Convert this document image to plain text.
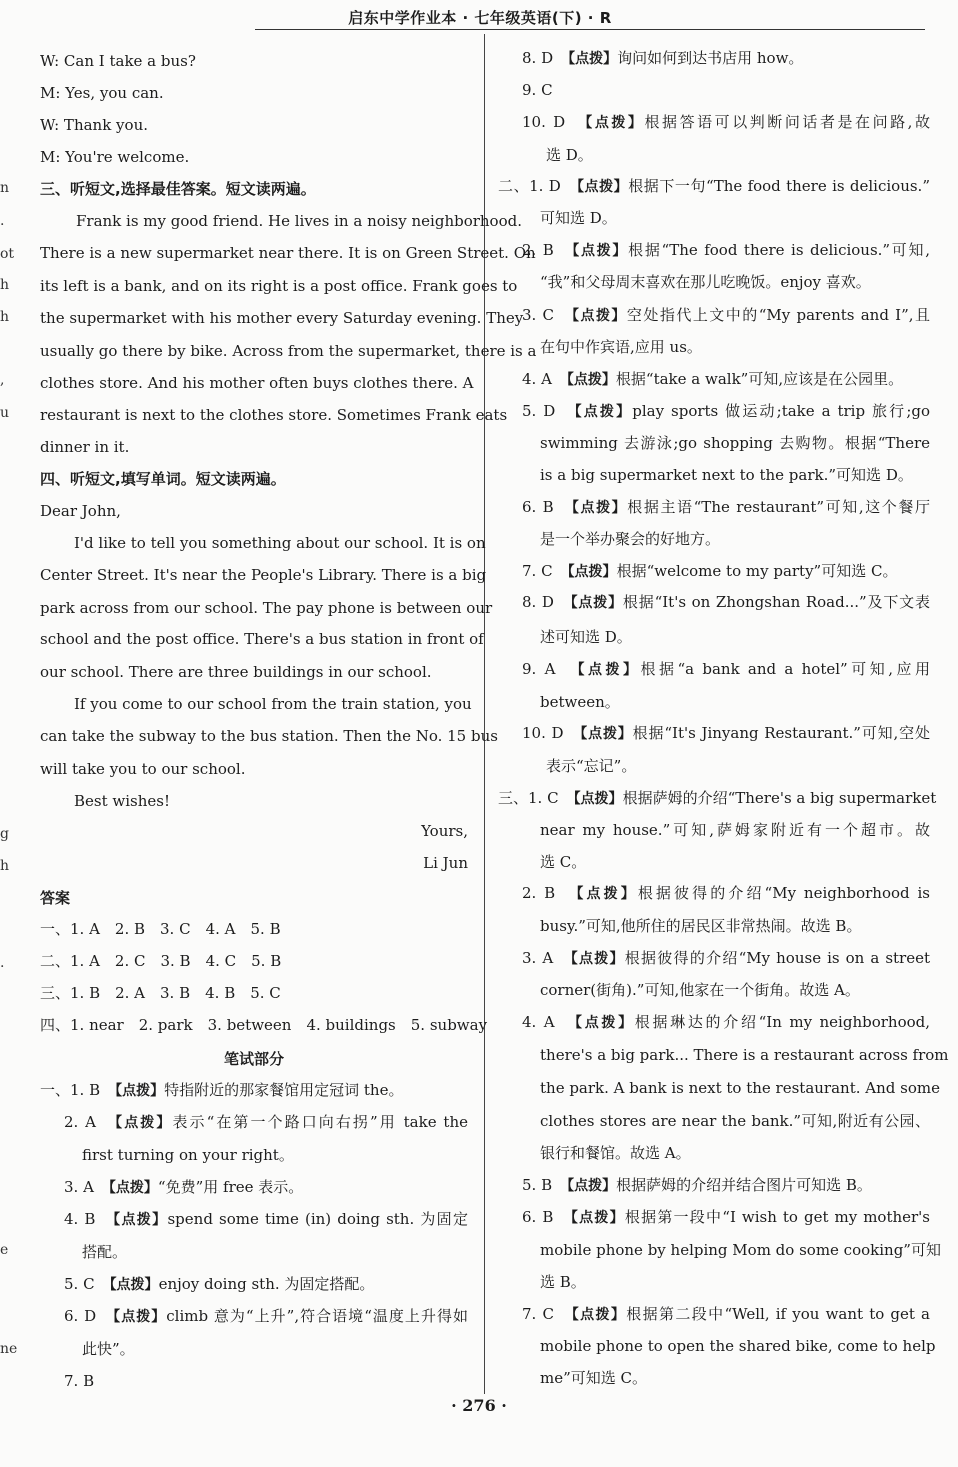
启东中学作业本 · 七年级英语(下) · R
n
.
ot
h
h
,
u
g
h
.
e
ne
W: Can I take a bus?
M: Yes, you can.
W: Thank you.
M: You're welcome.
三、听短文,选择最佳答案。短文读两遍。
Frank is my good friend. He lives in a noisy neighborhood.
There is a new supermarket near there. It is on Green Street. On
its left is a bank, and on its right is a post office. Frank goes to
the supermarket with his mother every Saturday evening. They
usually go there by bike. Across from the supermarket, there is a
clothes store. And his mother often buys clothes there. A
restaurant is next to the clothes store. Sometimes Frank eats
dinner in it.
四、听短文,填写单词。短文读两遍。
Dear John,
I'd like to tell you something about our school. It is on
Center Street. It's near the People's Library. There is a big
park across from our school. The pay phone is between our
school and the post office. There's a bus station in front of
our school. There are three buildings in our school.
If you come to our school from the train station, you
can take the subway to the bus station. Then the No. 15 bus
will take you to our school.
Best wishes!
Yours,
Li Jun
答案
一、1. A　2. B　3. C　4. A　5. B
二、1. A　2. C　3. B　4. C　5. B
三、1. B　2. A　3. B　4. B　5. C
四、1. near　2. park　3. between　4. buildings　5. subway
笔试部分
一、1. B　【点拨】特指附近的那家餐馆用定冠词 the。
2. A　【点拨】表示“在第一个路口向右拐”用 take the
first turning on your right。
3. A　【点拨】“免费”用 free 表示。
4. B　【点拨】spend some time (in) doing sth. 为固定
搭配。
5. C　【点拨】enjoy doing sth. 为固定搭配。
6. D　【点拨】climb 意为“上升”,符合语境“温度上升得如
此快”。
7. B
8. D　【点拨】询问如何到达书店用 how。
9. C
10. D　【点拨】根据答语可以判断问话者是在问路,故
选 D。
二、1. D　【点拨】根据下一句“The food there is delicious.”
可知选 D。
2. B　【点拨】根据“The food there is delicious.”可知,
“我”和父母周末喜欢在那儿吃晚饭。enjoy 喜欢。
3. C　【点拨】空处指代上文中的“My parents and I”,且
在句中作宾语,应用 us。
4. A　【点拨】根据“take a walk”可知,应该是在公园里。
5. D　【点拨】play sports 做运动;take a trip 旅行;go
swimming 去游泳;go shopping 去购物。根据“There
is a big supermarket next to the park.”可知选 D。
6. B　【点拨】根据主语“The restaurant”可知,这个餐厅
是一个举办聚会的好地方。
7. C　【点拨】根据“welcome to my party”可知选 C。
8. D　【点拨】根据“It's on Zhongshan Road...”及下文表
述可知选 D。
9. A　【点拨】根据“a bank and a hotel”可知,应用
between。
10. D　【点拨】根据“It's Jinyang Restaurant.”可知,空处
表示“忘记”。
三、1. C　【点拨】根据萨姆的介绍“There's a big supermarket
near my house.”可知,萨姆家附近有一个超市。故
选 C。
2. B　【点拨】根据彼得的介绍“My neighborhood is
busy.”可知,他所住的居民区非常热闹。故选 B。
3. A　【点拨】根据彼得的介绍“My house is on a street
corner(街角).”可知,他家在一个街角。故选 A。
4. A　【点拨】根据琳达的介绍“In my neighborhood,
there's a big park... There is a restaurant across from
the park. A bank is next to the restaurant. And some
clothes stores are near the bank.”可知,附近有公园、
银行和餐馆。故选 A。
5. B　【点拨】根据萨姆的介绍并结合图片可知选 B。
6. B　【点拨】根据第一段中“I wish to get my mother's
mobile phone by helping Mom do some cooking”可知
选 B。
7. C　【点拨】根据第二段中“Well, if you want to get a
mobile phone to open the shared bike, come to help
me”可知选 C。
· 276 ·
